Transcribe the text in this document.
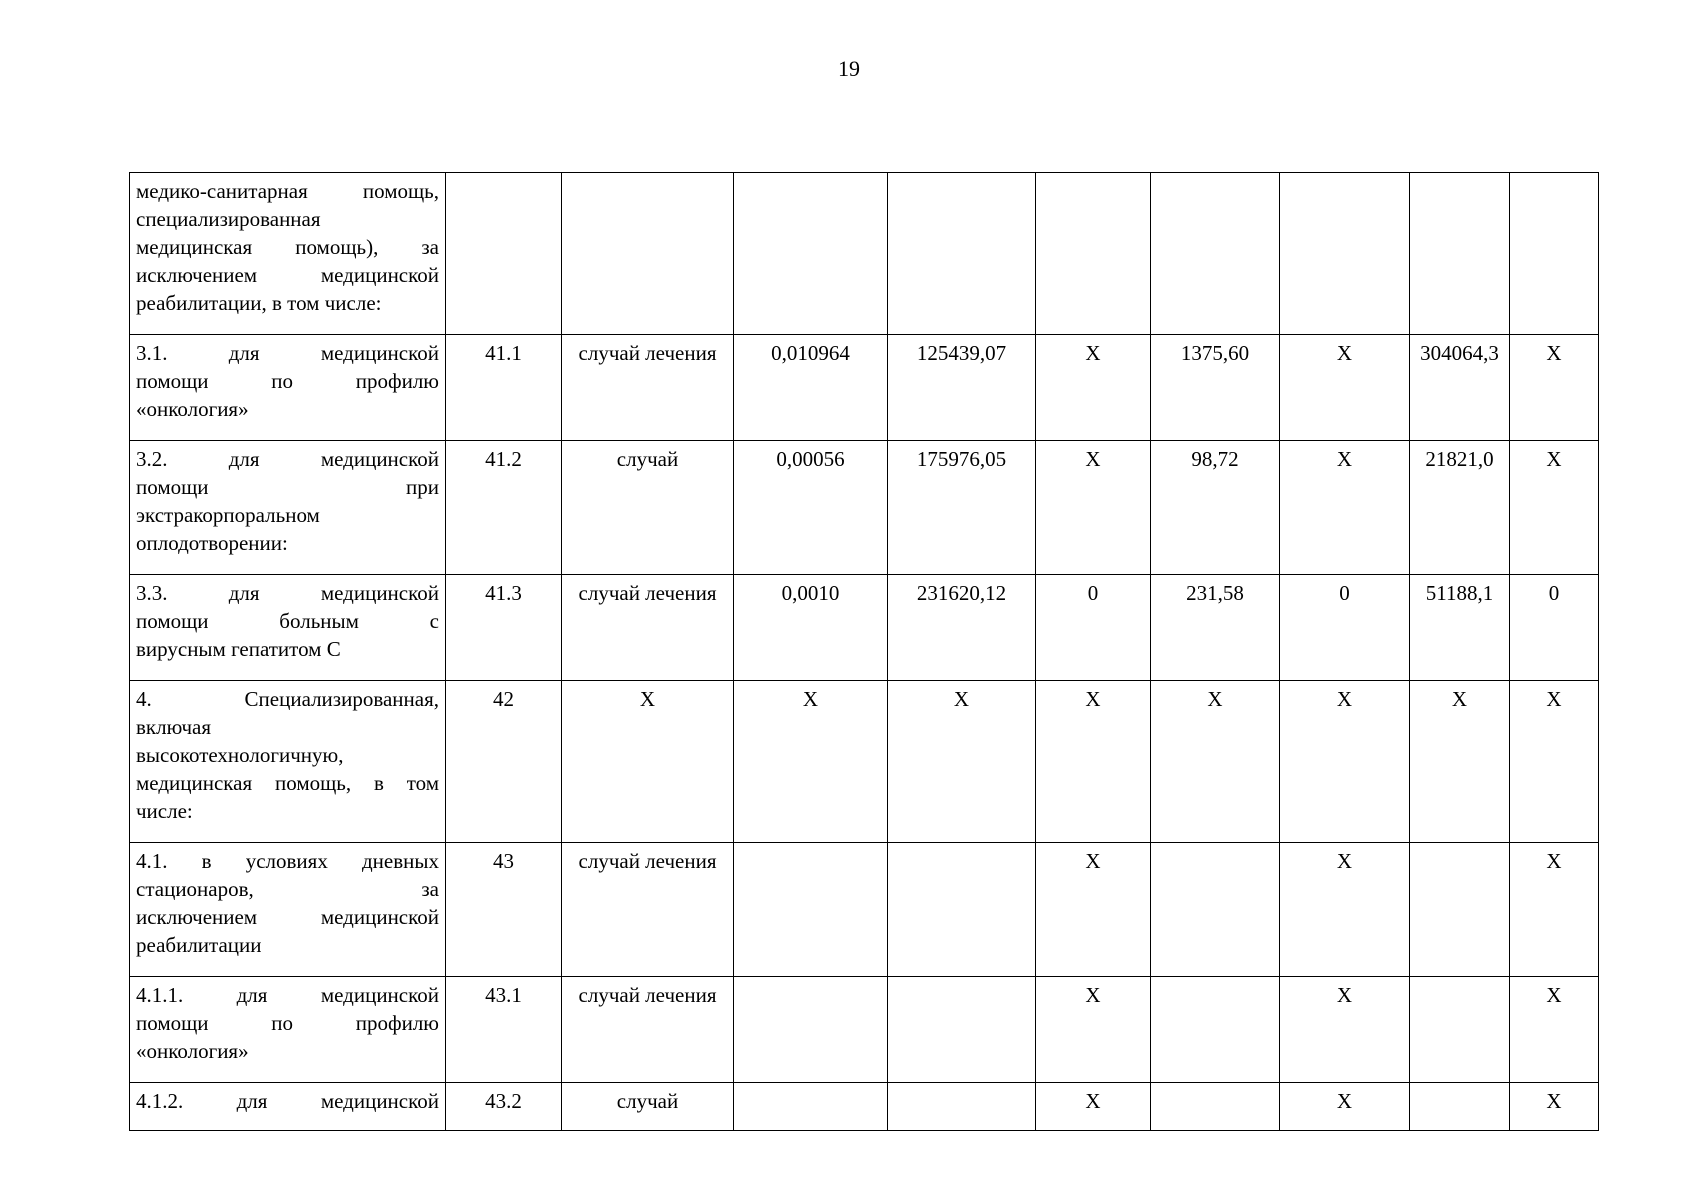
19
медико-санитарная помощь,
специализированная
медицинская помощь), за
исключением медицинской
реабилитации, в том числе:									

3.1. для медицинской
помощи по профилю
«онкология»	41.1	случай лечения	0,010964	125439,07	Х	1375,60	Х	304064,3	Х

3.2. для медицинской
помощи при
экстракорпоральном
оплодотворении:	41.2	случай	0,00056	175976,05	Х	98,72	Х	21821,0	Х

3.3. для медицинской
помощи больным с
вирусным гепатитом С	41.3	случай лечения	0,0010	231620,12	0	231,58	0	51188,1	0

4. Специализированная,
включая
высокотехнологичную,
медицинская помощь, в том
числе:	42	Х	Х	Х	Х	Х	Х	Х	Х

4.1. в условиях дневных
стационаров, за
исключением медицинской
реабилитации	43	случай лечения			Х		Х		Х

4.1.1. для медицинской
помощи по профилю
«онкология»	43.1	случай лечения			Х		Х		Х

4.1.2. для медицинской	43.2	случай			Х		Х		Х
